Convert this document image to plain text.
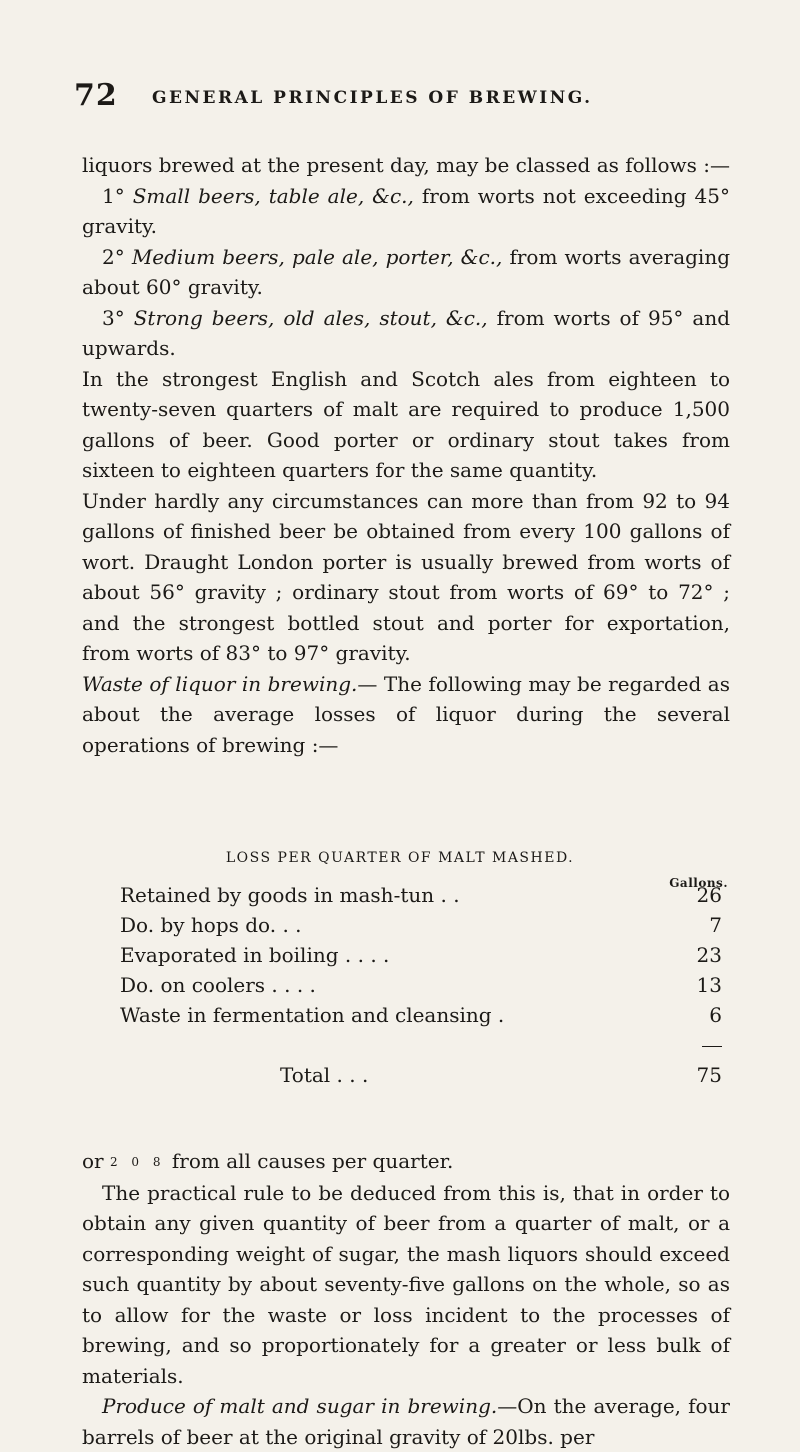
72 GENERAL PRINCIPLES OF BREWING.

liquors brewed at the present day, may be classed as follows :—

1° Small beers, table ale, &c., from worts not exceeding 45° gravity.

2° Medium beers, pale ale, porter, &c., from worts averaging about 60° gravity.

3° Strong beers, old ales, stout, &c., from worts of 95° and upwards.

In the strongest English and Scotch ales from eighteen to twenty-seven quarters of malt are required to produce 1,500 gallons of beer. Good porter or ordinary stout takes from sixteen to eighteen quarters for the same quantity.

Under hardly any circumstances can more than from 92 to 94 gallons of finished beer be obtained from every 100 gallons of wort. Draught London porter is usually brewed from worts of about 56° gravity ; ordinary stout from worts of 69° to 72° ; and the strongest bottled stout and porter for exportation, from worts of 83° to 97° gravity.

Waste of liquor in brewing.— The following may be regarded as about the average losses of liquor during the several operations of brewing :—

LOSS PER QUARTER OF MALT MASHED.
Gallons.
Retained by goods in mash-tun . .	26
Do. by hops do. . .	7
Evaporated in boiling . . . .	23
Do. on coolers . . . .	13
Waste in fermentation and cleansing .	6

Total . . .	75

or 2 0 8 from all causes per quarter.

The practical rule to be deduced from this is, that in order to obtain any given quantity of beer from a quarter of malt, or a corresponding weight of sugar, the mash liquors should exceed such quantity by about seventy-five gallons on the whole, so as to allow for the waste or loss incident to the processes of brewing, and so proportionately for a greater or less bulk of materials.

Produce of malt and sugar in brewing.—On the average, four barrels of beer at the original gravity of 20lbs. per
